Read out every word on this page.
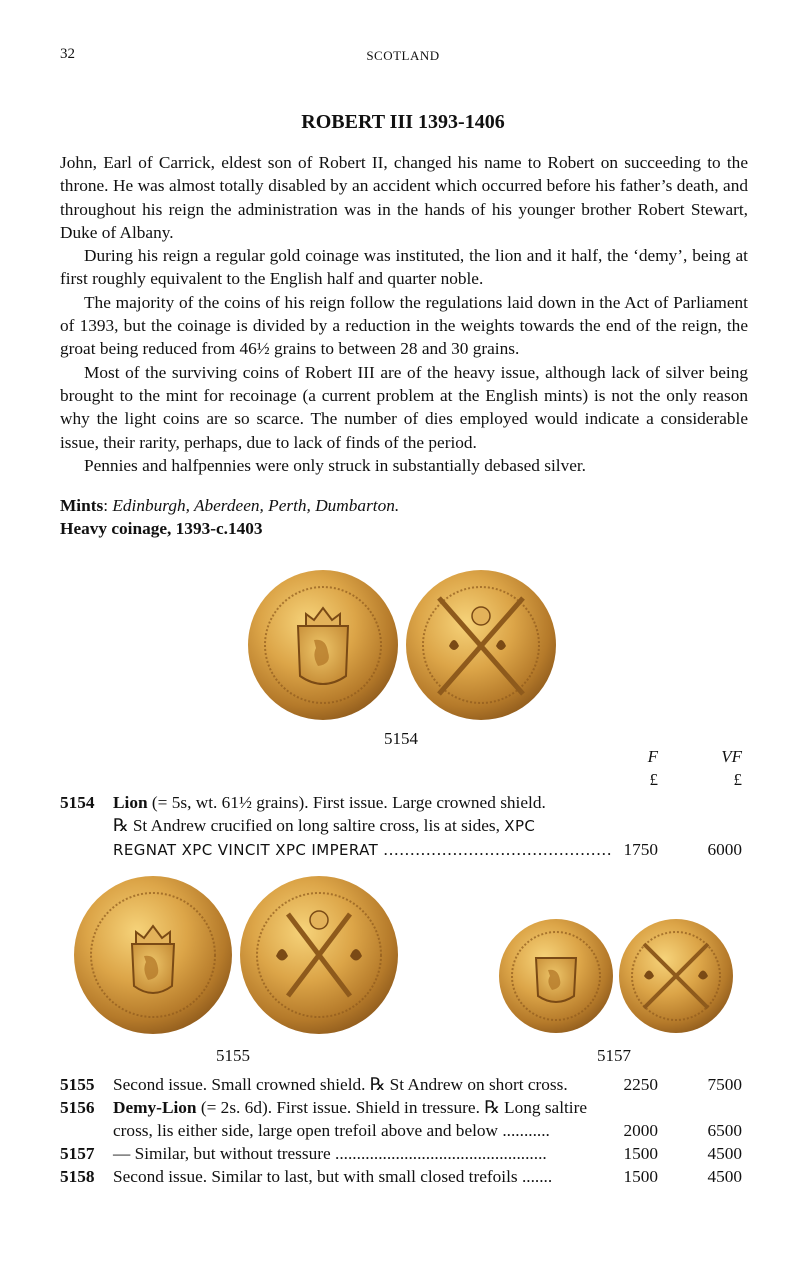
32	SCOTLAND
ROBERT III 1393-1406

John, Earl of Carrick, eldest son of Robert II, changed his name to Robert on succeeding to the throne. He was almost totally disabled by an accident which occurred before his father’s death, and throughout his reign the administration was in the hands of his younger brother Robert Stewart, Duke of Albany.

During his reign a regular gold coinage was instituted, the lion and it half, the ‘demy’, being at first roughly equivalent to the English half and quarter noble.

The majority of the coins of his reign follow the regulations laid down in the Act of Parliament of 1393, but the coinage is divided by a reduction in the weights towards the end of the reign, the groat being reduced from 46½ grains to between 28 and 30 grains.

Most of the surviving coins of Robert III are of the heavy issue, although lack of silver being brought to the mint for recoinage (a current problem at the English mints) is not the only reason why the light coins are so scarce. The number of dies employed would indicate a considerable issue, their rarity, perhaps, due to lack of finds of the period.

Pennies and halfpennies were only struck in substantially debased silver.

Mints: Edinburgh, Aberdeen, Perth, Dumbarton.
Heavy coinage, 1393-c.1403
5154
F	VF
£	£
5154 Lion (= 5s, wt. 61½ grains). First issue. Large crowned shield.
℞ St Andrew crucified on long saltire cross, lis at sides, XPC
REGNAT XPC VINCIT XPC IMPERAT ........................................... 1750	6000
5155	5157
5155 Second issue. Small crowned shield. ℞ St Andrew on short cross.	2250	7500
5156 Demy-Lion (= 2s. 6d). First issue. Shield in tressure. ℞ Long saltire
cross, lis either side, large open trefoil above and below ...........	2000	6500
5157 — Similar, but without tressure .................................................	1500	4500
5158 Second issue. Similar to last, but with small closed trefoils .......	1500	4500
